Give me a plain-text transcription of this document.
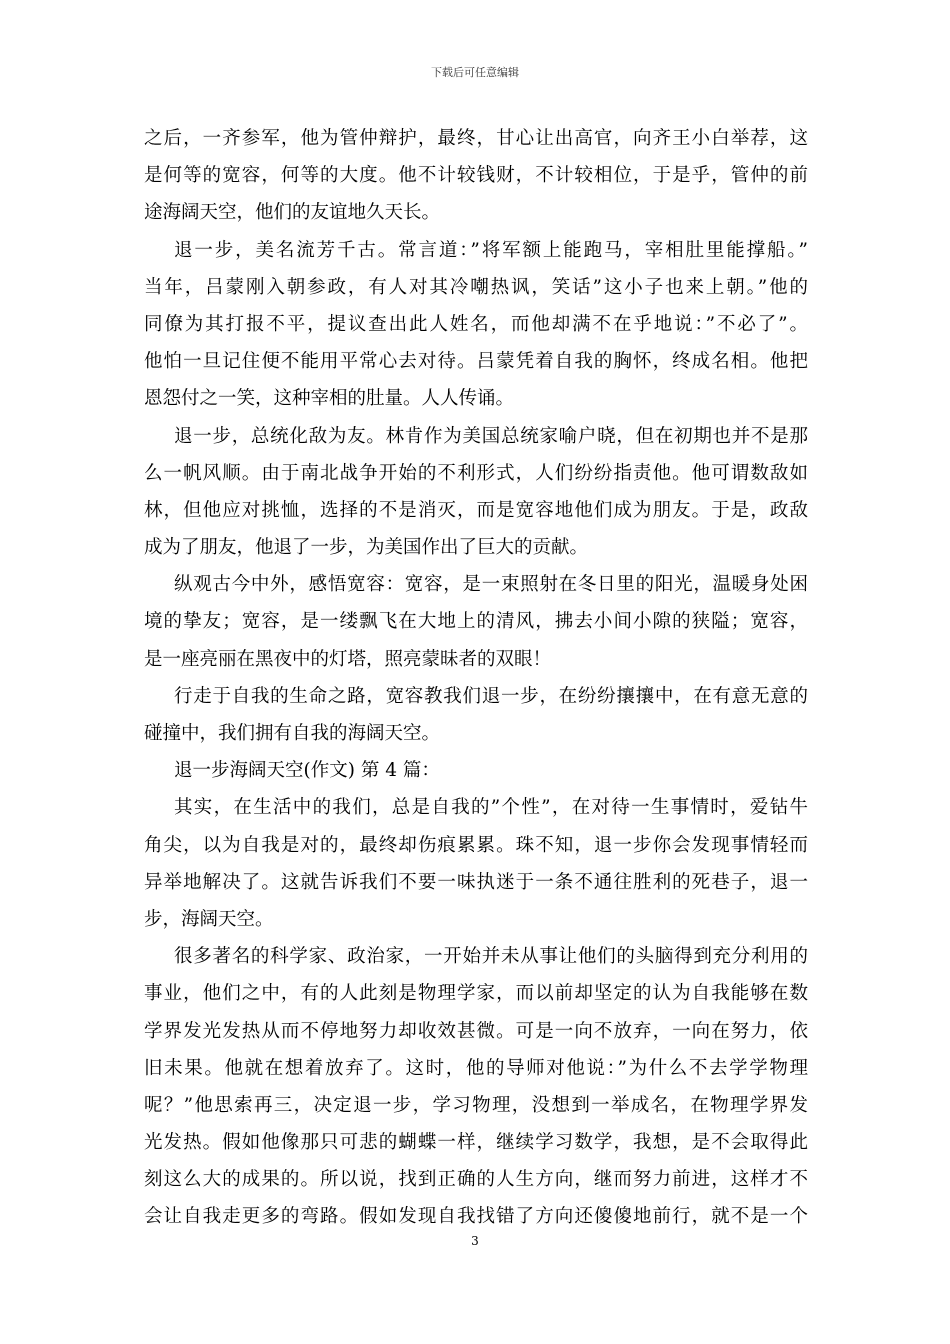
下载后可任意编辑
之后，一齐参军，他为管仲辩护，最终，甘心让出高官，向齐王小白举荐，这
是何等的宽容，何等的大度。他不计较钱财，不计较相位，于是乎，管仲的前
途海阔天空，他们的友谊地久天长。
退一步，美名流芳千古。常言道：”将军额上能跑马，宰相肚里能撑船。”
当年，吕蒙刚入朝参政，有人对其冷嘲热讽，笑话”这小子也来上朝。”他的
同僚为其打报不平，提议查出此人姓名，而他却满不在乎地说：”不必了”。
他怕一旦记住便不能用平常心去对待。吕蒙凭着自我的胸怀，终成名相。他把
恩怨付之一笑，这种宰相的肚量。人人传诵。
退一步，总统化敌为友。林肯作为美国总统家喻户晓，但在初期也并不是那
么一帆风顺。由于南北战争开始的不利形式，人们纷纷指责他。他可谓数敌如
林，但他应对挑恤，选择的不是消灭，而是宽容地他们成为朋友。于是，政敌
成为了朋友，他退了一步，为美国作出了巨大的贡献。
纵观古今中外，感悟宽容：宽容，是一束照射在冬日里的阳光，温暖身处困
境的挚友；宽容，是一缕飘飞在大地上的清风，拂去小间小隙的狭隘；宽容，
是一座亮丽在黑夜中的灯塔，照亮蒙昧者的双眼！
行走于自我的生命之路，宽容教我们退一步，在纷纷攘攘中，在有意无意的
碰撞中，我们拥有自我的海阔天空。
退一步海阔天空(作文) 第 4 篇：
其实，在生活中的我们，总是自我的”个性”，在对待一生事情时，爱钻牛
角尖，以为自我是对的，最终却伤痕累累。珠不知，退一步你会发现事情轻而
异举地解决了。这就告诉我们不要一味执迷于一条不通往胜利的死巷子，退一
步，海阔天空。
很多著名的科学家、政治家，一开始并未从事让他们的头脑得到充分利用的
事业，他们之中，有的人此刻是物理学家，而以前却坚定的认为自我能够在数
学界发光发热从而不停地努力却收效甚微。可是一向不放弃，一向在努力，依
旧未果。他就在想着放弃了。这时，他的导师对他说：”为什么不去学学物理
呢？”他思索再三，决定退一步，学习物理，没想到一举成名，在物理学界发
光发热。假如他像那只可悲的蝴蝶一样，继续学习数学，我想，是不会取得此
刻这么大的成果的。所以说，找到正确的人生方向，继而努力前进，这样才不
会让自我走更多的弯路。假如发现自我找错了方向还傻傻地前行，就不是一个
3
